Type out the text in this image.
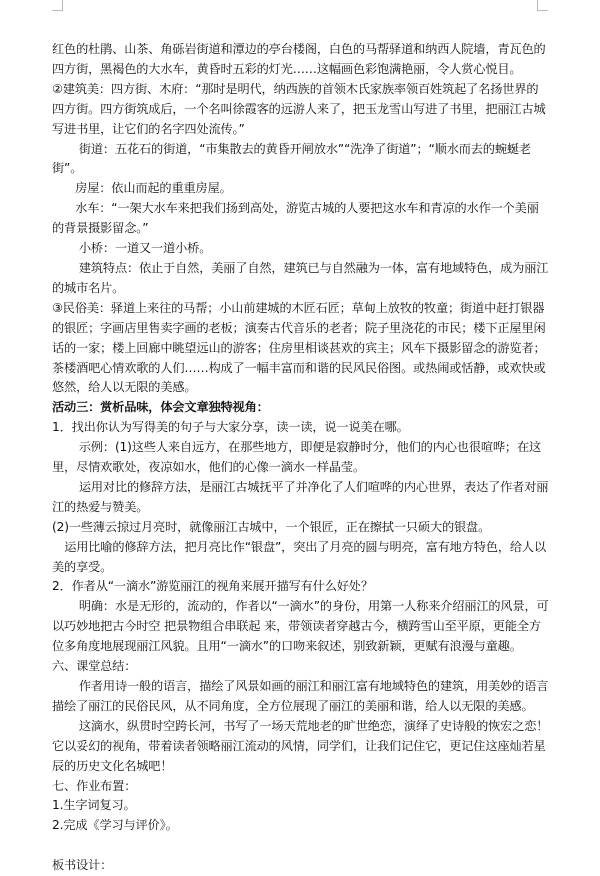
红色的杜鹃、山茶、角砾岩街道和潭边的亭台楼阁，白色的马帮驿道和纳西人院墙，青瓦色的四方街，黑褐色的大水车，黄昏时五彩的灯光……这幅画色彩饱满艳丽，令人赏心悦目。

②建筑美：四方街、木府：“那时是明代，纳西族的首领木氏家族率领百姓筑起了名扬世界的四方街。四方街筑成后，一个名叫徐霞客的远游人来了，把玉龙雪山写进了书里，把丽江古城写进书里，让它们的名字四处流传。”

街道：五花石的街道，“市集散去的黄昏开闸放水”“洗净了街道”；“顺水而去的蜿蜒老街”。

房屋：依山而起的重重房屋。

水车：“一架大水车来把我们扬到高处，游览古城的人要把这水车和青凉的水作一个美丽的背景摄影留念。”

小桥：一道又一道小桥。

建筑特点：依止于自然，美丽了自然，建筑已与自然融为一体，富有地域特色，成为丽江的城市名片。

③民俗美：驿道上来往的马帮；小山前建城的木匠石匠；草甸上放牧的牧童；街道中赶打银器的银匠；字画店里售卖字画的老板；演奏古代音乐的老者；院子里浇花的市民；楼下正屋里闲话的一家；楼上回廊中眺望远山的游客；住房里相谈甚欢的宾主；风车下摄影留念的游览者；茶楼酒吧心情欢歌的人们……构成了一幅丰富而和谐的民风民俗图。或热闹或恬静，或欢快或悠然，给人以无限的美感。

活动三：赏析品味，体会文章独特视角：

1．找出你认为写得美的句子与大家分享，读一读，说一说美在哪。

示例：(1)这些人来自远方，在那些地方，即便是寂静时分，他们的内心也很喧哗；在这里，尽情欢歌处，夜凉如水，他们的心像一滴水一样晶莹。

运用对比的修辞方法，是丽江古城抚平了并净化了人们喧哗的内心世界，表达了作者对丽江的热爱与赞美。

(2)一些薄云掠过月亮时，就像丽江古城中，一个银匠，正在擦拭一只硕大的银盘。

运用比喻的修辞方法，把月亮比作“银盘”，突出了月亮的圆与明亮，富有地方特色，给人以美的享受。

2．作者从“一滴水”游览丽江的视角来展开描写有什么好处？

明确：水是无形的，流动的，作者以“一滴水”的身份，用第一人称来介绍丽江的风景，可以巧妙地把古今时空 把景物组合串联起 来，带领读者穿越古今，横跨雪山至平原，更能全方位多角度地展现丽江风貌。且用“一滴水”的口吻来叙述，别致新颖，更赋有浪漫与童趣。

六、课堂总结：

作者用诗一般的语言，描绘了风景如画的丽江和丽江富有地域特色的建筑，用美妙的语言描绘了丽江的民俗民风，从不同角度，全方位展现了丽江的美丽和谐，给人以无限的美感。

这滴水，纵贯时空跨长河，书写了一场天荒地老的旷世绝恋，演绎了史诗般的恢宏之恋！它以妥幻的视角，带着读者领略丽江流动的风情，同学们，让我们记住它，更记住这座灿若星辰的历史文化名城吧！

七、作业布置：

1.生字词复习。

2.完成《学习与评价》。

板书设计：
